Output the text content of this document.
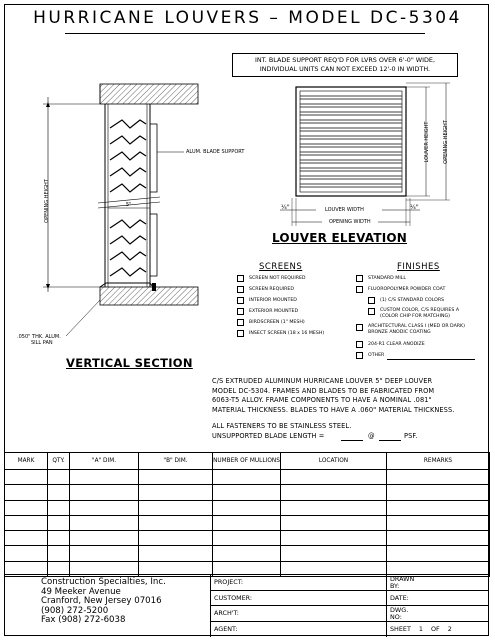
HURRICANE LOUVERS – MODEL DC-5304
INT. BLADE SUPPORT REQ'D FOR LVRS OVER 6'-0" WIDE,
INDIVIDUAL UNITS CAN NOT EXCEED 12'-0 IN WIDTH.
OPENING HEIGHT
ALUM. BLADE SUPPORT
5"
.050" THK. ALUM.
SILL PAN
VERTICAL SECTION
LOUVER HEIGHT	OPENING HEIGHT
¹⁄₄"	¹⁄₄"
LOUVER WIDTH
OPENING WIDTH
LOUVER ELEVATION
SCREENS
SCREEN NOT REQUIRED
SCREEN REQUIRED
INTERIOR MOUNTED
EXTERIOR MOUNTED
BIRDSCREEN (1" MESH)
INSECT SCREEN (18 x 16 MESH)
FINISHES
STANDARD MILL
FLUOROPOLYMER POWDER COAT
(1) C/S STANDARD COLORS
CUSTOM COLOR, C/S REQUIRES A
(COLOR CHIP FOR MATCHING)
ARCHITECTURAL CLASS I (MED OR DARK)
BRONZE ANODIC COATING
204-R1 CLEAR ANODIZE
OTHER
C/S EXTRUDED ALUMINUM HURRICANE LOUVER 5" DEEP LOUVER
MODEL DC-5304. FRAMES AND BLADES TO BE FABRICATED FROM
6063-T5 ALLOY. FRAME COMPONENTS TO HAVE A NOMINAL .081"
MATERIAL THICKNESS. BLADES TO HAVE A .060" MATERIAL THICKNESS.
ALL FASTENERS TO BE STAINLESS STEEL.
UNSUPPORTED BLADE LENGTH =	@	PSF.
MARK	QTY.	"A" DIM.	"B" DIM.	NUMBER OF MULLIONS	LOCATION	REMARKS

Construction Specialties, Inc.
49 Meeker Avenue
Cranford, New Jersey 07016
(908) 272-5200
Fax (908) 272-6038
PROJECT:	DRAWN BY:
CUSTOMER:	DATE:
ARCH'T:	DWG. NO:
AGENT:	SHEET 1 OF 2
